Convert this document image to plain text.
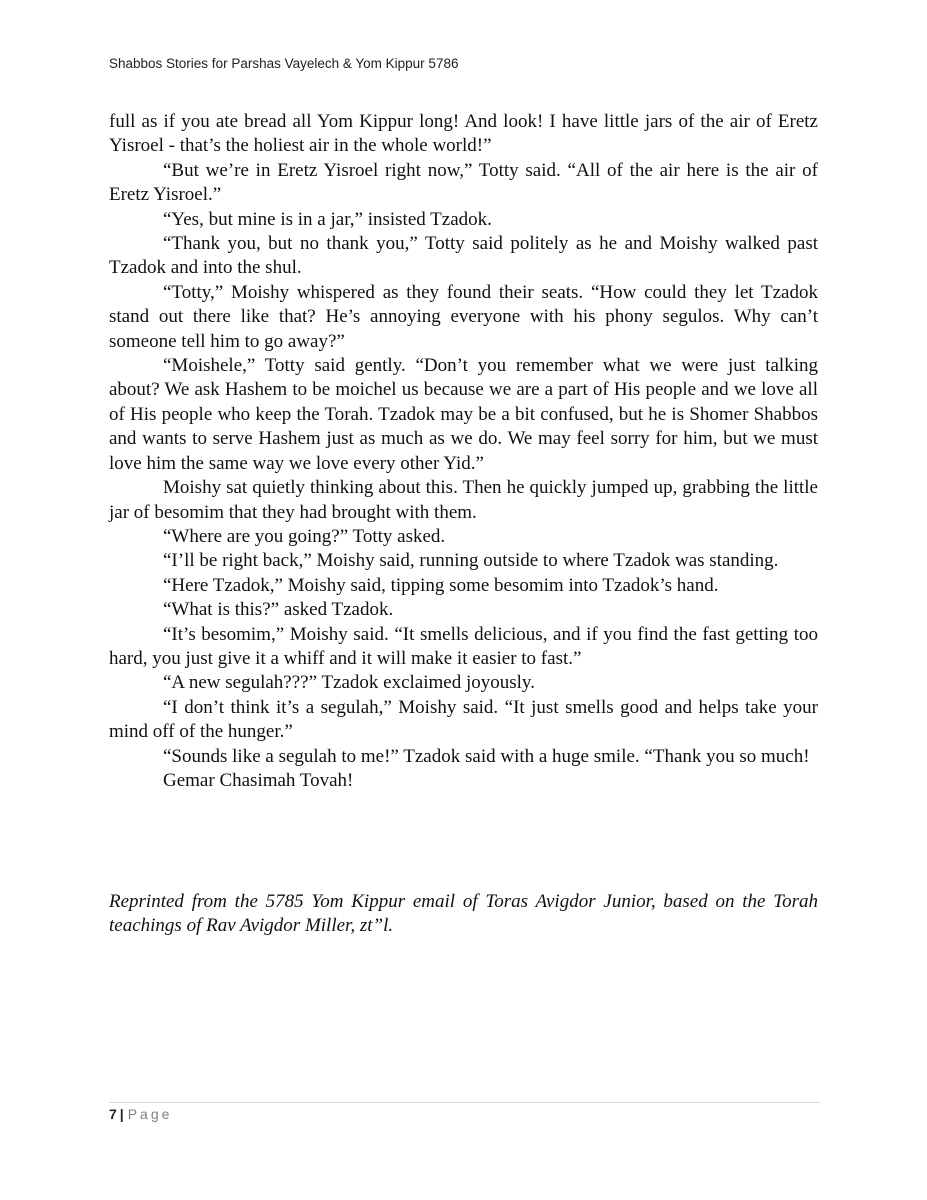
Shabbos Stories for Parshas Vayelech & Yom Kippur 5786

full as if you ate bread all Yom Kippur long! And look! I have little jars of the air of Eretz Yisroel - that’s the holiest air in the whole world!”

“But we’re in Eretz Yisroel right now,” Totty said. “All of the air here is the air of Eretz Yisroel.”

“Yes, but mine is in a jar,” insisted Tzadok.

“Thank you, but no thank you,” Totty said politely as he and Moishy walked past Tzadok and into the shul.

“Totty,” Moishy whispered as they found their seats. “How could they let Tzadok stand out there like that? He’s annoying everyone with his phony segulos. Why can’t someone tell him to go away?”

“Moishele,” Totty said gently. “Don’t you remember what we were just talking about? We ask Hashem to be moichel us because we are a part of His people and we love all of His people who keep the Torah. Tzadok may be a bit confused, but he is Shomer Shabbos and wants to serve Hashem just as much as we do. We may feel sorry for him, but we must love him the same way we love every other Yid.”

Moishy sat quietly thinking about this. Then he quickly jumped up, grabbing the little jar of besomim that they had brought with them.

“Where are you going?” Totty asked.

“I’ll be right back,” Moishy said, running outside to where Tzadok was standing.

“Here Tzadok,” Moishy said, tipping some besomim into Tzadok’s hand.

“What is this?” asked Tzadok.

“It’s besomim,” Moishy said. “It smells delicious, and if you find the fast getting too hard, you just give it a whiff and it will make it easier to fast.”

“A new segulah???” Tzadok exclaimed joyously.

“I don’t think it’s a segulah,” Moishy said. “It just smells good and helps take your mind off of the hunger.”

“Sounds like a segulah to me!” Tzadok said with a huge smile. “Thank you so much!

Gemar Chasimah Tovah!

Reprinted from the 5785 Yom Kippur email of Toras Avigdor Junior, based on the Torah teachings of Rav Avigdor Miller, zt”l.
7 | Page
